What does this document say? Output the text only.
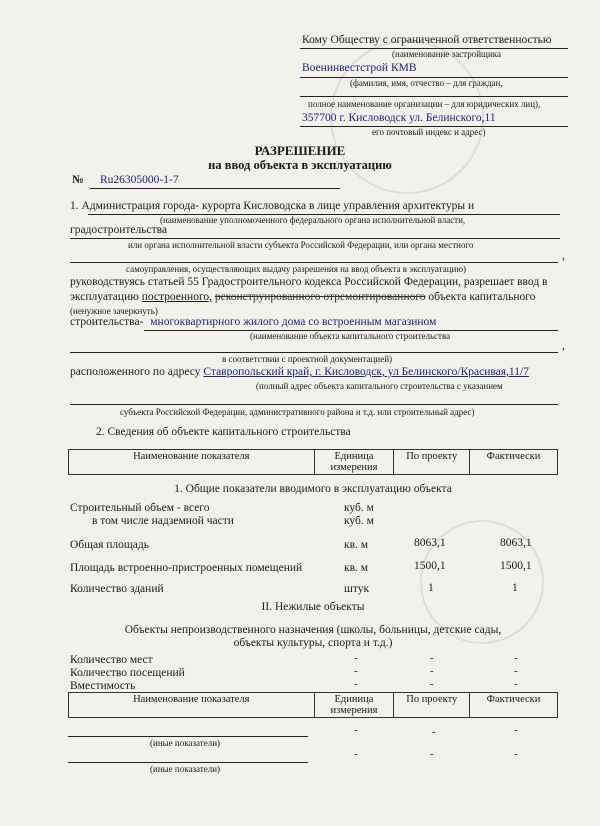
Кому Обществу с ограниченной ответственностью
(наименование застройщика
Военинвестстрой КМВ
(фамилия, имя, отчество – для граждан,
полное наименование организации – для юридических лиц),
357700 г. Кисловодск ул. Белинского,11
его почтовый индекс и адрес)
РАЗРЕШЕНИЕ
на ввод объекта в эксплуатацию
№ Ru26305000-1-7
1. Администрация города- курорта Кисловодска в лице управления архитектуры и
(наименование уполномоченного федерального органа исполнительной власти,
градостроительства
или органа исполнительной власти субъекта Российской Федерации, или органа местного
,
самоуправления, осуществляющих выдачу разрешения на ввод объекта в эксплуатацию)
руководствуясь статьей 55 Градостроительного кодекса Российской Федерации, разрешает ввод в
эксплуатацию построенного, реконструированного отремонтированного объекта капитального
(ненужное зачеркнуть)
строительства- многоквартирного жилого дома со встроенным магазином
(наименование объекта капитального строительства
,
в соответствии с проектной документацией)
расположенного по адресу Ставропольский край, г. Кисловодск, ул Белинского/Красивая,11/7
(полный адрес объекта капитального строительства с указанием
субъекта Российской Федерации, административного района и т.д. или строительный адрес)
2. Сведения об объекте капитального строительства
Наименование показателя	Единица измерения	По проекту	Фактически
1. Общие показатели вводимого в эксплуатацию объекта
Строительный объем - всего	куб. м
в том числе надземной части	куб. м
Общая площадь	кв. м	8063,1	8063,1
Площадь встроенно-пристроенных помещений	кв. м	1500,1	1500,1
Количество зданий	штук	1	1
II. Нежилые объекты
Объекты непроизводственного назначения (школы, больницы, детские сады,
объекты культуры, спорта и т.д.)
Количество мест	-	-	-
Количество посещений	-	-	-
Вместимость	-	-	-
Наименование показателя	Единица измерения	По проекту	Фактически
(иные показатели)
-	-	-
(иные показатели)
-	-	-
